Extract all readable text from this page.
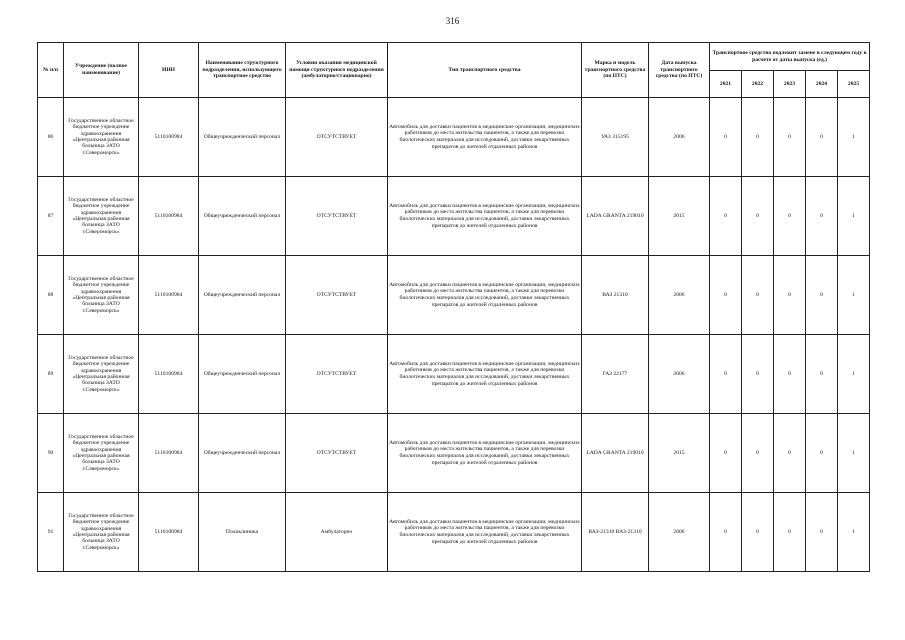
316
№ п/п	Учреждение (полное наименование)	ИНН	Наименование структурного подразделения, использующего транспортное средство	Условия оказания медицинской помощи структурного подразделения (амбулаторно/стационарно)	Тип транспортного средства	Марка и модель транспортного средства (по ПТС)	Дата выпуска транспортного средства (по ПТС)	Транспортное средство подлежит замене в следующем году в расчете от даты выпуска (ед.)				
								2021	2022	2023	2024	2025
86	Государственное областное бюджетное учреждение здравоохранения «Центральная районная больница ЗАТО г.Североморск»	5110100984	Общеучрежденческий персонал	ОТСУТСТВУЕТ	Автомобиль для доставки пациентов в медицинские организации, медицинских работников до места жительства пациентов, а также для перевозки биологических материалов для исследований, доставки лекарственных препаратов до жителей отдаленных районов	УАЗ 315195	2006	0	0	0	0	1
87	Государственное областное бюджетное учреждение здравоохранения «Центральная районная больница ЗАТО г.Североморск»	5110100984	Общеучрежденческий персонал	ОТСУТСТВУЕТ	Автомобиль для доставки пациентов в медицинские организации, медицинских работников до места жительства пациентов, а также для перевозки биологических материалов для исследований, доставки лекарственных препаратов до жителей отдаленных районов	LADA GRANTA 219010	2015	0	0	0	0	1
88	Государственное областное бюджетное учреждение здравоохранения «Центральная районная больница ЗАТО г.Североморск»	5110100984	Общеучрежденческий персонал	ОТСУТСТВУЕТ	Автомобиль для доставки пациентов в медицинские организации, медицинских работников до места жительства пациентов, а также для перевозки биологических материалов для исследований, доставки лекарственных препаратов до жителей отдаленных районов	ВАЗ 21310	2006	0	0	0	0	1
89	Государственное областное бюджетное учреждение здравоохранения «Центральная районная больница ЗАТО г.Североморск»	5110100984	Общеучрежденческий персонал	ОТСУТСТВУЕТ	Автомобиль для доставки пациентов в медицинские организации, медицинских работников до места жительства пациентов, а также для перевозки биологических материалов для исследований, доставки лекарственных препаратов до жителей отдаленных районов	ГАЗ 22177	2006	0	0	0	0	1
90	Государственное областное бюджетное учреждение здравоохранения «Центральная районная больница ЗАТО г.Североморск»	5110100984	Общеучрежденческий персонал	ОТСУТСТВУЕТ	Автомобиль для доставки пациентов в медицинские организации, медицинских работников до места жительства пациентов, а также для перевозки биологических материалов для исследований, доставки лекарственных препаратов до жителей отдаленных районов	LADA GRANTA 219010	2015	0	0	0	0	1
91	Государственное областное бюджетное учреждение здравоохранения «Центральная районная больница ЗАТО г.Североморск»	5110100984	Поликлиника	Амбулаторно	Автомобиль для доставки пациентов в медицинские организации, медицинских работников до места жительства пациентов, а также для перевозки биологических материалов для исследований, доставки лекарственных препаратов до жителей отдаленных районов	ВАЗ-21310 ВАЗ-21310	2006	0	0	0	0	1
